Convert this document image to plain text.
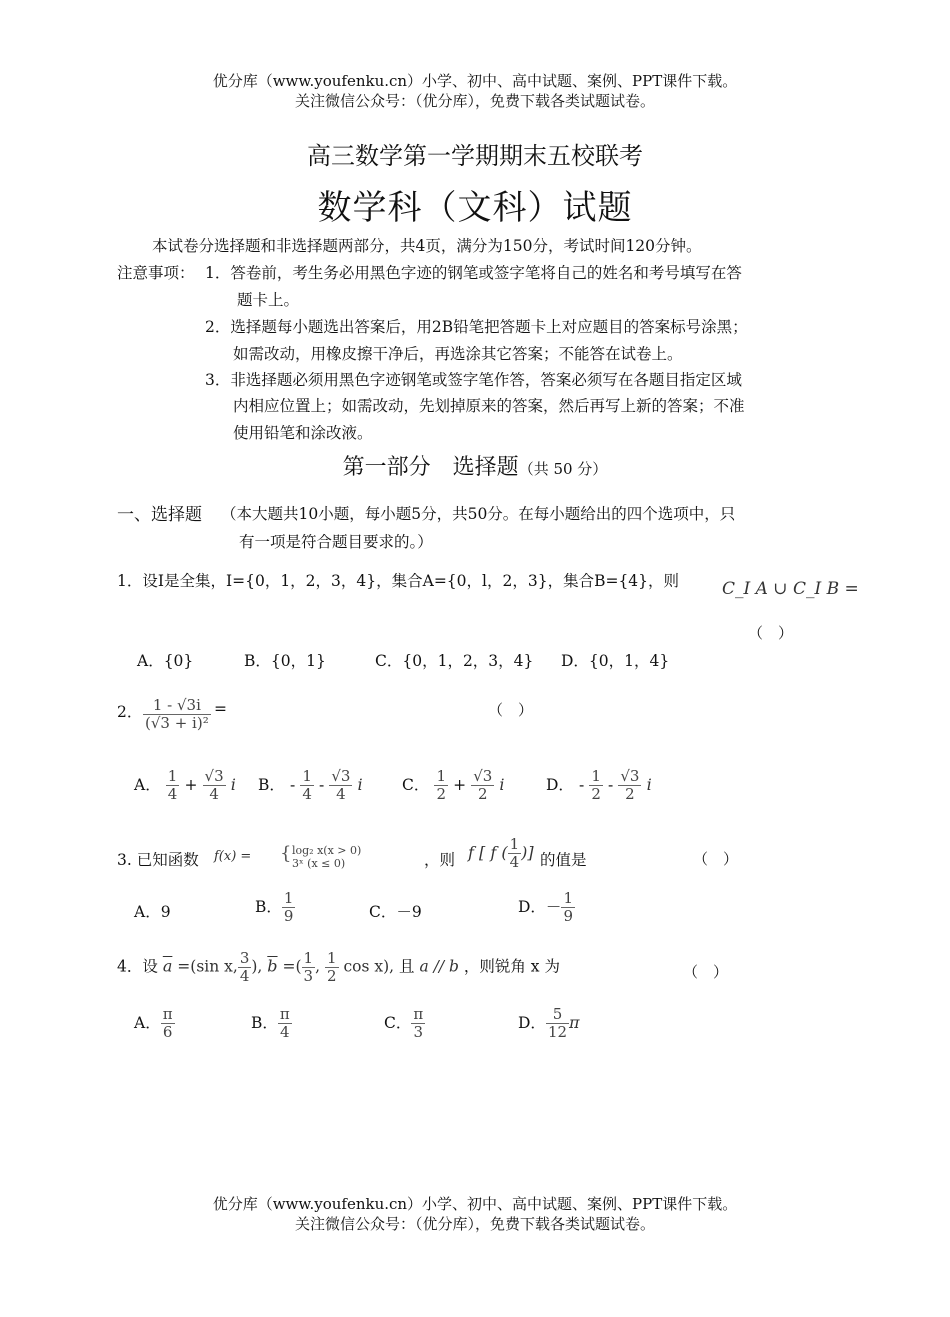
优分库（www.youfenku.cn）小学、初中、高中试题、案例、PPT课件下载。
关注微信公众号：（优分库），免费下载各类试题试卷。
高三数学第一学期期末五校联考
数学科（文科）试题
本试卷分选择题和非选择题两部分，共4页，满分为150分，考试时间120分钟。
注意事项： 1．答卷前，考生务必用黑色字迹的钢笔或签字笔将自己的姓名和考号填写在答
题卡上。
2．选择题每小题选出答案后，用2B铅笔把答题卡上对应题目的答案标号涂黑；
如需改动，用橡皮擦干净后，再选涂其它答案；不能答在试卷上。
3．非选择题必须用黑色字迹钢笔或签字笔作答，答案必须写在各题目指定区域
内相应位置上；如需改动，先划掉原来的答案，然后再写上新的答案；不准
使用铅笔和涂改液。
第一部分　选择题（共 50 分）
一、选择题 （本大题共10小题，每小题5分，共50分。在每小题给出的四个选项中，只
有一项是符合题目要求的。）
1．设I是全集，I={0，1，2，3，4}，集合A={0，l，2，3}，集合B={4}，则	C_I A ∪ C_I B =
（　）
A．{0}	B．{0，1}	C．{0，1，2，3，4} D．{0，1，4}
2． $\frac{1 - √3i}{\text{(√3 + i)²}}$ =	（　）
A． $\frac{1}{4} + \frac{√3}{4}$ i B． - $\frac{1}{4} - \frac{√3}{4}$ i	C． $\frac{1}{2} + \frac{√3}{2}$ i	D． - $\frac{1}{2} - \frac{√3}{2}$ i
3. 已知函数 f(x) = { log₂ x(x > 0)
3ˣ (x ≤ 0)	，则 f [ f ( $\frac{1}{4}$ )] 的值是	（　）
A．9	B． $\frac{1}{9}$	C．－9	D．－ $\frac{1}{9}$
4．设 $\overline{a} =(\sin$ x, $\frac{3}{4}$ ), $\overline{b}$ =( $\frac{1}{3}$ , $\frac{1}{2}$ cos x), 且 a // b ，则锐角 x 为	（　）
A． $\frac{\pi}{6}$	B． $\frac{\pi}{4}$	C． $\frac{\pi}{3}$	D． $\frac{5}{12}$ π
优分库（www.youfenku.cn）小学、初中、高中试题、案例、PPT课件下载。
关注微信公众号：（优分库），免费下载各类试题试卷。
